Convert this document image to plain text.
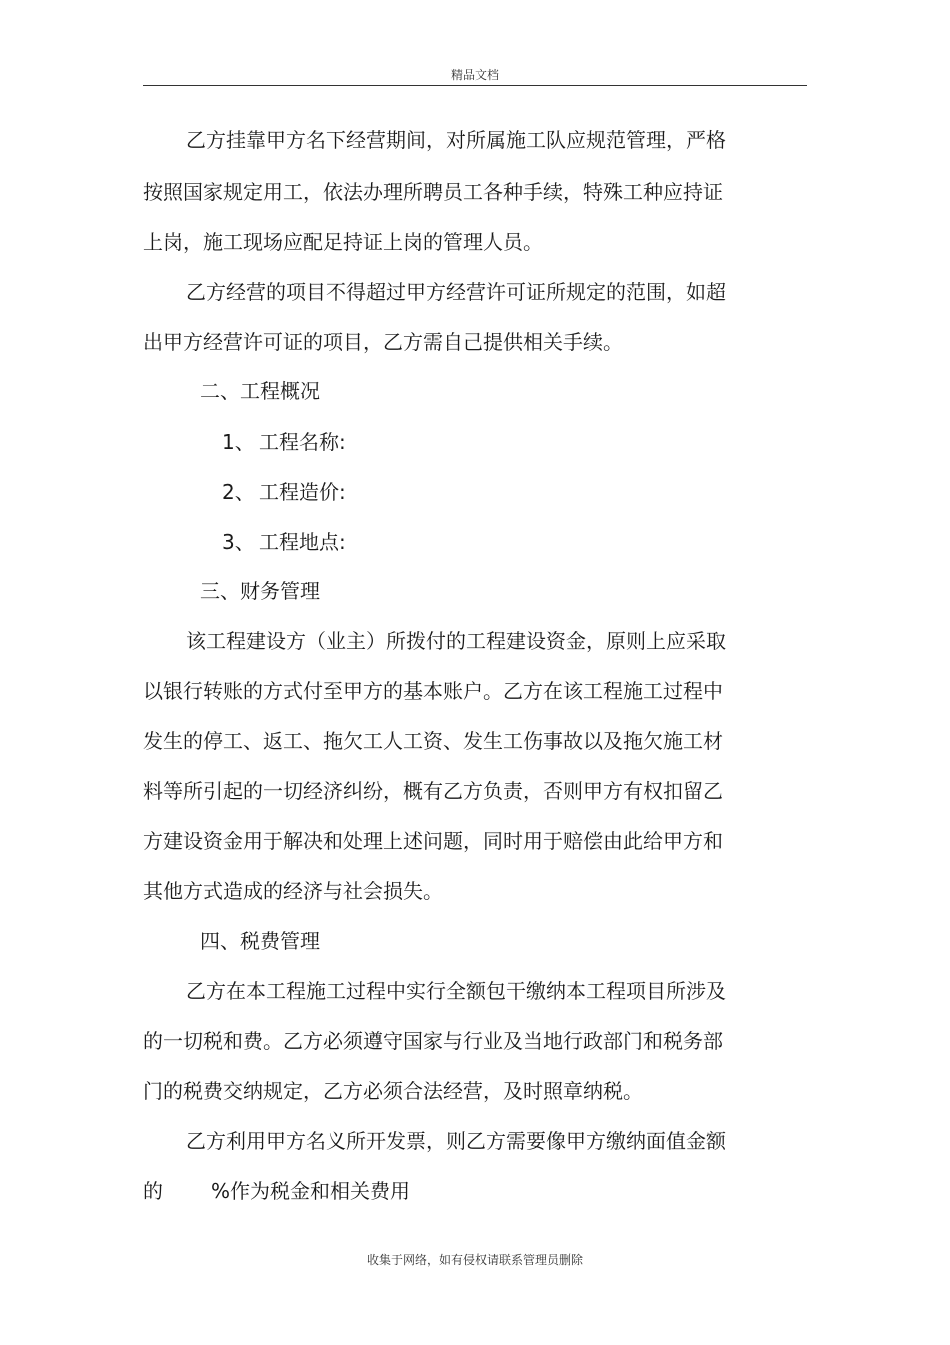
精品文档
乙方挂靠甲方名下经营期间，对所属施工队应规范管理，严格
按照国家规定用工，依法办理所聘员工各种手续，特殊工种应持证
上岗，施工现场应配足持证上岗的管理人员。
乙方经营的项目不得超过甲方经营许可证所规定的范围，如超
出甲方经营许可证的项目，乙方需自己提供相关手续。
二、工程概况
1、 工程名称:
2、 工程造价:
3、 工程地点:
三、财务管理
该工程建设方（业主）所拨付的工程建设资金，原则上应采取
以银行转账的方式付至甲方的基本账户。乙方在该工程施工过程中
发生的停工、返工、拖欠工人工资、发生工伤事故以及拖欠施工材
料等所引起的一切经济纠纷，概有乙方负责，否则甲方有权扣留乙
方建设资金用于解决和处理上述问题，同时用于赔偿由此给甲方和
其他方式造成的经济与社会损失。
四、税费管理
乙方在本工程施工过程中实行全额包干缴纳本工程项目所涉及
的一切税和费。乙方必须遵守国家与行业及当地行政部门和税务部
门的税费交纳规定，乙方必须合法经营，及时照章纳税。
乙方利用甲方名义所开发票，则乙方需要像甲方缴纳面值金额
的 %作为税金和相关费用
收集于网络，如有侵权请联系管理员删除
